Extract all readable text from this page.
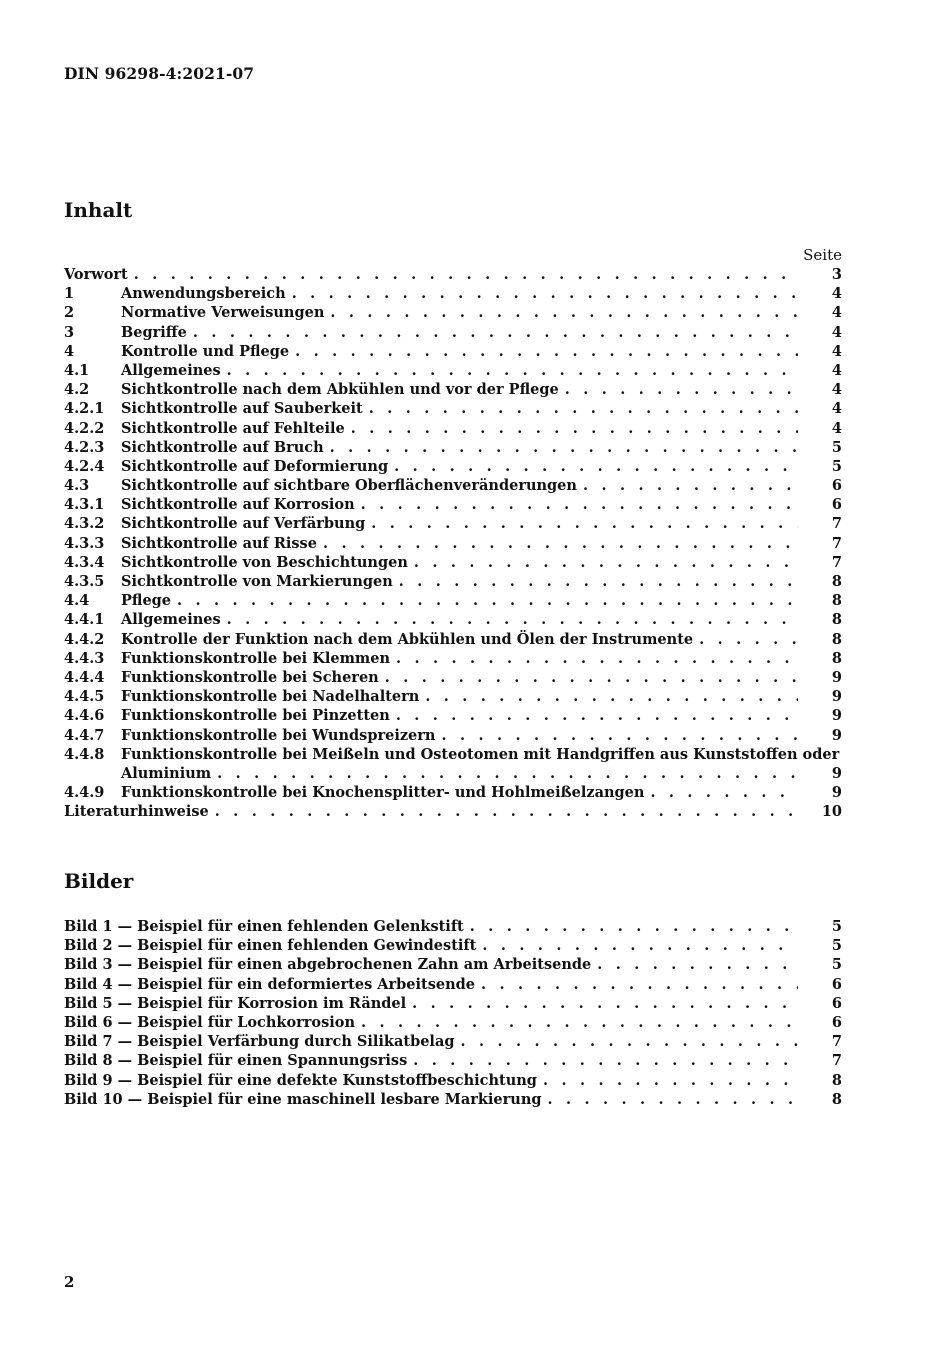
DIN 96298-4:2021-07
Inhalt
Seite
Vorwort . . .	3
1	Anwendungsbereich . . .	4
2	Normative Verweisungen . . .	4
3	Begriffe . . .	4
4	Kontrolle und Pflege . . .	4
4.1	Allgemeines . . .	4
4.2	Sichtkontrolle nach dem Abkühlen und vor der Pflege . . .	4
4.2.1	Sichtkontrolle auf Sauberkeit . . .	4
4.2.2	Sichtkontrolle auf Fehlteile . . .	4
4.2.3	Sichtkontrolle auf Bruch . . .	5
4.2.4	Sichtkontrolle auf Deformierung . . .	5
4.3	Sichtkontrolle auf sichtbare Oberflächenveränderungen . . .	6
4.3.1	Sichtkontrolle auf Korrosion . . .	6
4.3.2	Sichtkontrolle auf Verfärbung . . .	7
4.3.3	Sichtkontrolle auf Risse . . .	7
4.3.4	Sichtkontrolle von Beschichtungen . . .	7
4.3.5	Sichtkontrolle von Markierungen . . .	8
4.4	Pflege . . .	8
4.4.1	Allgemeines . . .	8
4.4.2	Kontrolle der Funktion nach dem Abkühlen und Ölen der Instrumente . . .	8
4.4.3	Funktionskontrolle bei Klemmen . . .	8
4.4.4	Funktionskontrolle bei Scheren . . .	9
4.4.5	Funktionskontrolle bei Nadelhaltern . . .	9
4.4.6	Funktionskontrolle bei Pinzetten . . .	9
4.4.7	Funktionskontrolle bei Wundspreizern . . .	9
4.4.8	Funktionskontrolle bei Meißeln und Osteotomen mit Handgriffen aus Kunststoffen oder
Aluminium . . .	9
4.4.9	Funktionskontrolle bei Knochensplitter- und Hohlmeißelzangen . . .	9
Literaturhinweise . . .	10
Bilder
Bild 1 — Beispiel für einen fehlenden Gelenkstift . . .	5
Bild 2 — Beispiel für einen fehlenden Gewindestift . . .	5
Bild 3 — Beispiel für einen abgebrochenen Zahn am Arbeitsende . . .	5
Bild 4 — Beispiel für ein deformiertes Arbeitsende . . .	6
Bild 5 — Beispiel für Korrosion im Rändel . . .	6
Bild 6 — Beispiel für Lochkorrosion . . .	6
Bild 7 — Beispiel Verfärbung durch Silikatbelag . . .	7
Bild 8 — Beispiel für einen Spannungsriss . . .	7
Bild 9 — Beispiel für eine defekte Kunststoffbeschichtung . . .	8
Bild 10 — Beispiel für eine maschinell lesbare Markierung . . .	8
2
